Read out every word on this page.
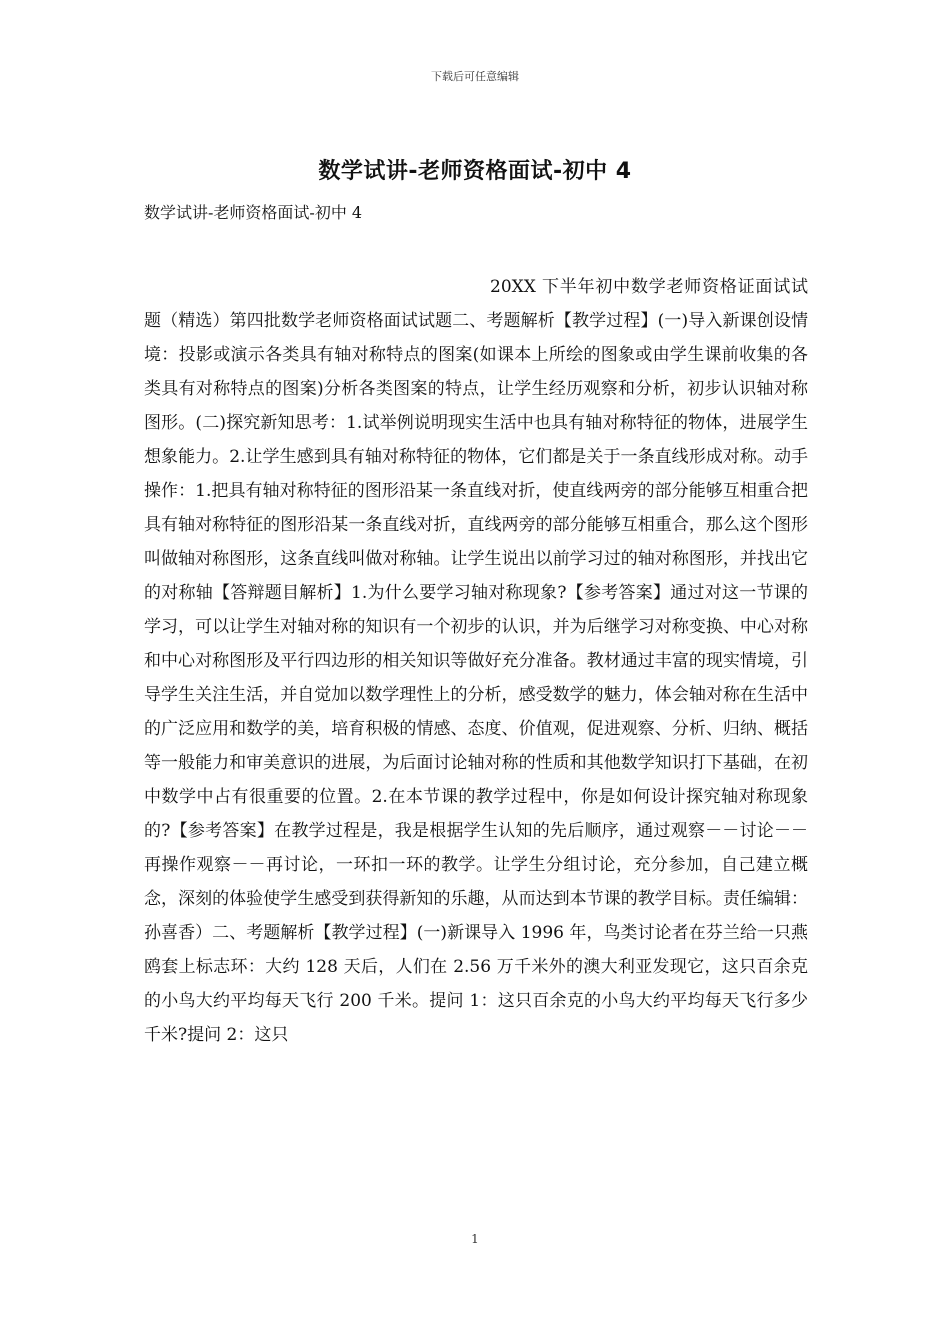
下载后可任意编辑
数学试讲-老师资格面试-初中 4

数学试讲-老师资格面试-初中 4

20XX 下半年初中数学老师资格证面试试题（精选）第四批数学老师资格面试试题二、考题解析【教学过程】(一)导入新课创设情境：投影或演示各类具有轴对称特点的图案(如课本上所绘的图象或由学生课前收集的各类具有对称特点的图案)分析各类图案的特点，让学生经历观察和分析，初步认识轴对称图形。(二)探究新知思考：1.试举例说明现实生活中也具有轴对称特征的物体，进展学生想象能力。2.让学生感到具有轴对称特征的物体，它们都是关于一条直线形成对称。动手操作：1.把具有轴对称特征的图形沿某一条直线对折，使直线两旁的部分能够互相重合把具有轴对称特征的图形沿某一条直线对折，直线两旁的部分能够互相重合，那么这个图形叫做轴对称图形，这条直线叫做对称轴。让学生说出以前学习过的轴对称图形，并找出它的对称轴【答辩题目解析】1.为什么要学习轴对称现象?【参考答案】通过对这一节课的学习，可以让学生对轴对称的知识有一个初步的认识，并为后继学习对称变换、中心对称和中心对称图形及平行四边形的相关知识等做好充分准备。教材通过丰富的现实情境，引导学生关注生活，并自觉加以数学理性上的分析，感受数学的魅力，体会轴对称在生活中的广泛应用和数学的美，培育积极的情感、态度、价值观，促进观察、分析、归纳、概括等一般能力和审美意识的进展，为后面讨论轴对称的性质和其他数学知识打下基础，在初中数学中占有很重要的位置。2.在本节课的教学过程中，你是如何设计探究轴对称现象的?【参考答案】在教学过程是，我是根据学生认知的先后顺序，通过观察－－讨论－－再操作观察－－再讨论，一环扣一环的教学。让学生分组讨论，充分参加，自己建立概念，深刻的体验使学生感受到获得新知的乐趣，从而达到本节课的教学目标。责任编辑：孙喜香）二、考题解析【教学过程】(一)新课导入 1996 年，鸟类讨论者在芬兰给一只燕鸥套上标志环：大约 128 天后，人们在 2.56 万千米外的澳大利亚发现它，这只百余克的小鸟大约平均每天飞行 200 千米。提问 1：这只百余克的小鸟大约平均每天飞行多少千米?提问 2：这只

1
